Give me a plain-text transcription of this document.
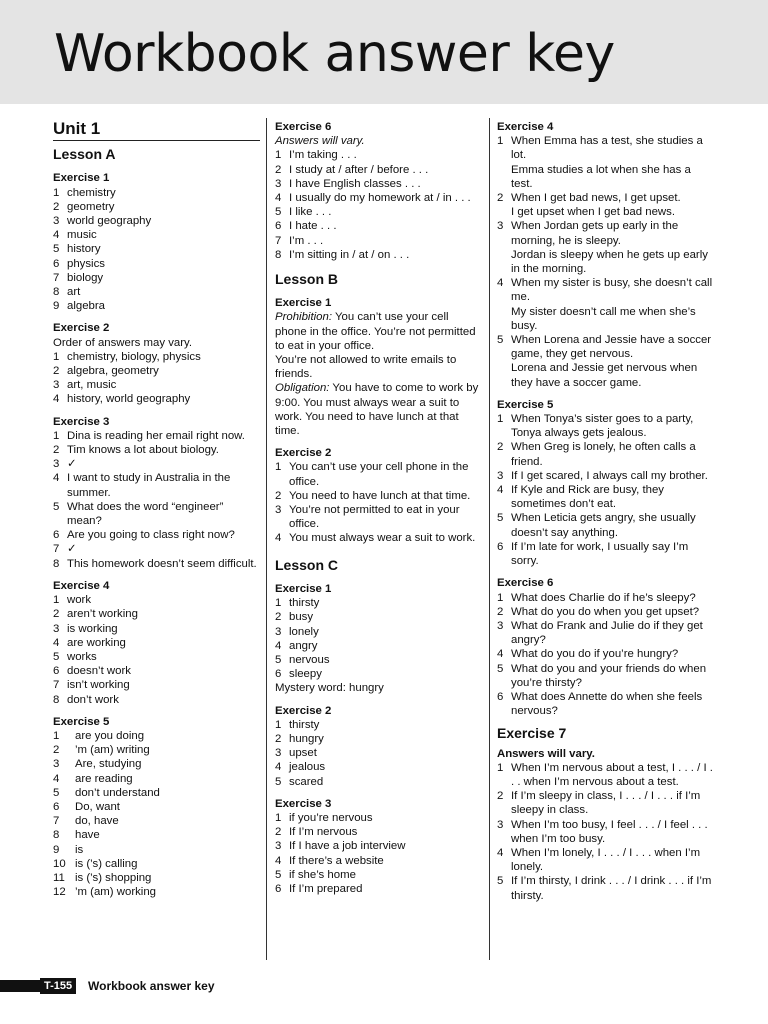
Workbook answer key
Unit 1
Lesson A
Exercise 1
1 chemistry
2 geometry
3 world geography
4 music
5 history
6 physics
7 biology
8 art
9 algebra
Exercise 2
Order of answers may vary.
1 chemistry, biology, physics
2 algebra, geometry
3 art, music
4 history, world geography
Exercise 3
1 Dina is reading her email right now.
2 Tim knows a lot about biology.
3 ✓
4 I want to study in Australia in the summer.
5 What does the word “engineer” mean?
6 Are you going to class right now?
7 ✓
8 This homework doesn’t seem difficult.
Exercise 4
1 work
2 aren’t working
3 is working
4 are working
5 works
6 doesn’t work
7 isn’t working
8 don’t work
Exercise 5
1	are you doing
2	’m (am) writing
3	Are, studying
4	are reading
5	don’t understand
6	Do, want
7	do, have
8	have
9	is
10 is (’s) calling
11 is (’s) shopping
12 ’m (am) working
Exercise 6
Answers will vary.
1 I’m taking . . .
2 I study at / after / before . . .
3 I have English classes . . .
4 I usually do my homework at / in . . .
5 I like . . .
6 I hate . . .
7 I’m . . .
8 I’m sitting in / at / on . . .
Lesson B
Exercise 1
Prohibition: You can’t use your cell phone in the office. You’re not permitted to eat in your office.
You’re not allowed to write emails to friends.
Obligation: You have to come to work by 9:00. You must always wear a suit to work. You need to have lunch at that time.
Exercise 2
1 You can’t use your cell phone in the office.
2 You need to have lunch at that time.
3 You’re not permitted to eat in your office.
4 You must always wear a suit to work.
Lesson C
Exercise 1
1 thirsty
2 busy
3 lonely
4 angry
5 nervous
6 sleepy
Mystery word: hungry
Exercise 2
1 thirsty
2 hungry
3 upset
4 jealous
5 scared
Exercise 3
1 if you’re nervous
2 If I’m nervous
3 If I have a job interview
4 If there’s a website
5 if she’s home
6 If I’m prepared
Exercise 4
1 When Emma has a test, she studies a lot.
Emma studies a lot when she has a test.
2 When I get bad news, I get upset.
I get upset when I get bad news.
3 When Jordan gets up early in the morning, he is sleepy.
Jordan is sleepy when he gets up early in the morning.
4 When my sister is busy, she doesn’t call me.
My sister doesn’t call me when she’s busy.
5 When Lorena and Jessie have a soccer game, they get nervous.
Lorena and Jessie get nervous when they have a soccer game.
Exercise 5
1 When Tonya’s sister goes to a party, Tonya always gets jealous.
2 When Greg is lonely, he often calls a friend.
3 If I get scared, I always call my brother.
4 If Kyle and Rick are busy, they sometimes don’t eat.
5 When Leticia gets angry, she usually doesn’t say anything.
6 If I’m late for work, I usually say I’m sorry.
Exercise 6
1 What does Charlie do if he’s sleepy?
2 What do you do when you get upset?
3 What do Frank and Julie do if they get angry?
4 What do you do if you’re hungry?
5 What do you and your friends do when you’re thirsty?
6 What does Annette do when she feels nervous?
Exercise 7
Answers will vary.
1 When I’m nervous about a test, I . . . / I . . . when I’m nervous about a test.
2 If I’m sleepy in class, I . . . / I . . . if I’m sleepy in class.
3 When I’m too busy, I feel . . . / I feel . . . when I’m too busy.
4 When I’m lonely, I . . . / I . . . when I’m lonely.
5 If I’m thirsty, I drink . . . / I drink . . . if I’m thirsty.
T-155	Workbook answer key
